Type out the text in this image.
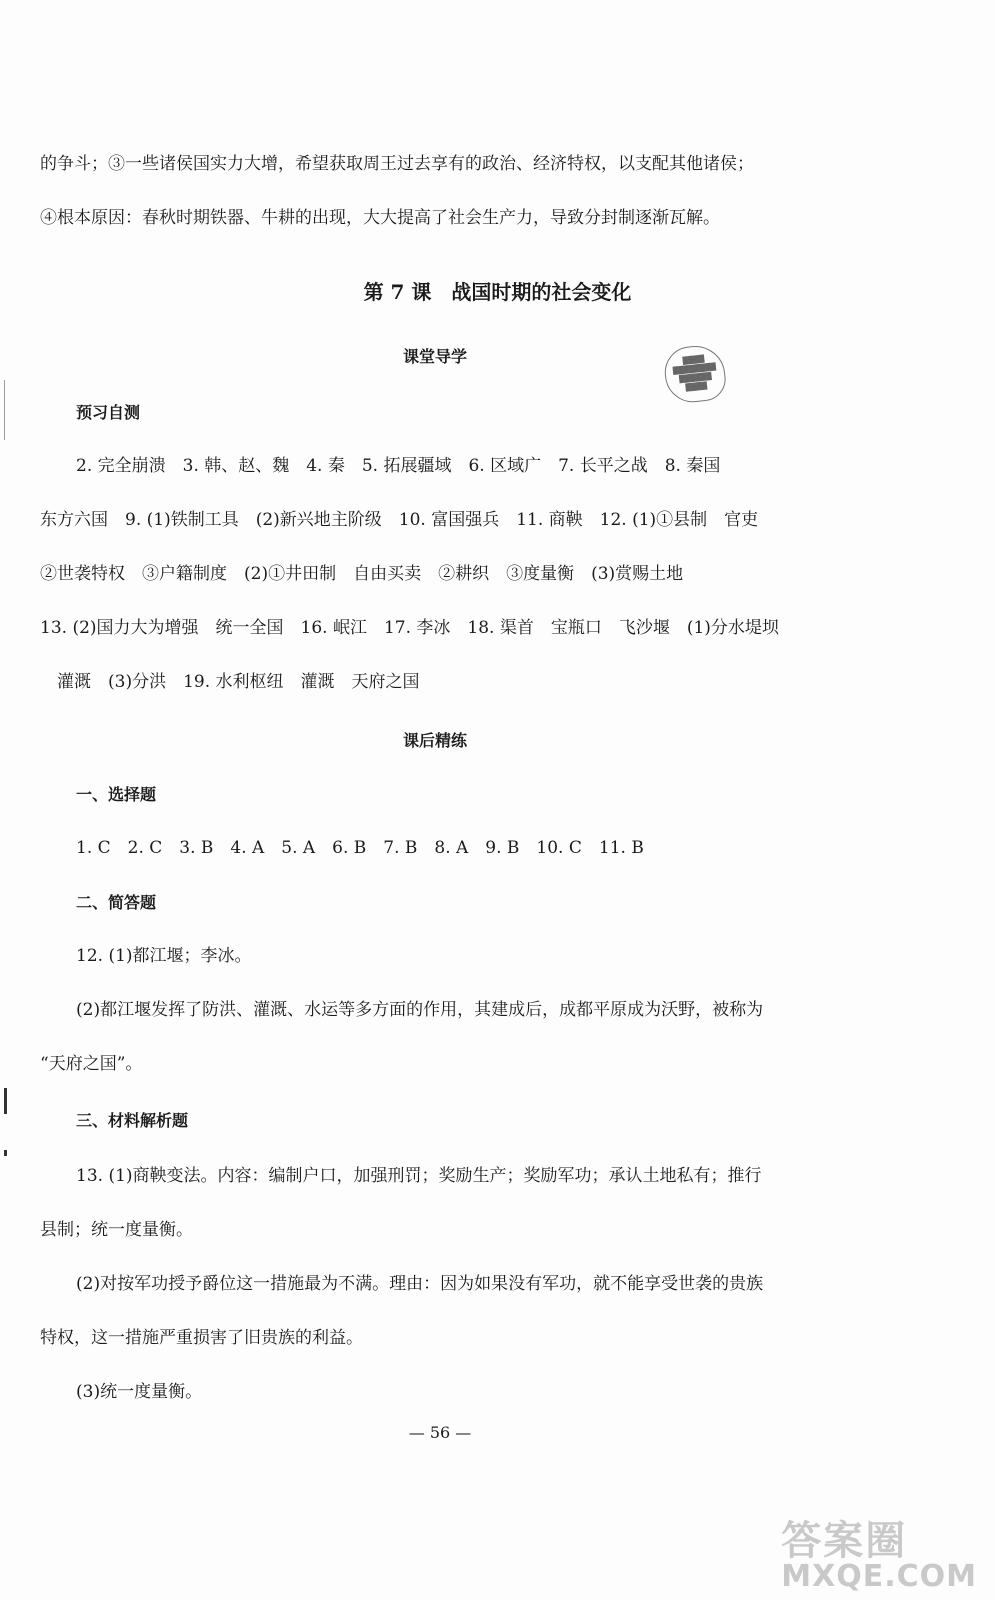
的争斗；③一些诸侯国实力大增，希望获取周王过去享有的政治、经济特权，以支配其他诸侯；
④根本原因：春秋时期铁器、牛耕的出现，大大提高了社会生产力，导致分封制逐渐瓦解。
第 7 课　战国时期的社会变化
课堂导学	████
████████
██████
████
预习自测
2. 完全崩溃　3. 韩、赵、魏　4. 秦　5. 拓展疆域　6. 区域广　7. 长平之战　8. 秦国
东方六国　9. (1)铁制工具　(2)新兴地主阶级　10. 富国强兵　11. 商鞅　12. (1)①县制　官吏
②世袭特权　③户籍制度　(2)①井田制　自由买卖　②耕织　③度量衡　(3)赏赐土地
13. (2)国力大为增强　统一全国　16. 岷江　17. 李冰　18. 渠首　宝瓶口　飞沙堰　(1)分水堤坝
　灌溉　(3)分洪　19. 水利枢纽　灌溉　天府之国
课后精练
一、选择题
1. C　2. C　3. B　4. A　5. A　6. B　7. B　8. A　9. B　10. C　11. B
二、简答题
12. (1)都江堰；李冰。
(2)都江堰发挥了防洪、灌溉、水运等多方面的作用，其建成后，成都平原成为沃野，被称为
“天府之国”。
三、材料解析题
13. (1)商鞅变法。内容：编制户口，加强刑罚；奖励生产；奖励军功；承认土地私有；推行
县制；统一度量衡。
(2)对按军功授予爵位这一措施最为不满。理由：因为如果没有军功，就不能享受世袭的贵族
特权，这一措施严重损害了旧贵族的利益。
(3)统一度量衡。
— 56 —
答案圈
MXQE.COM
